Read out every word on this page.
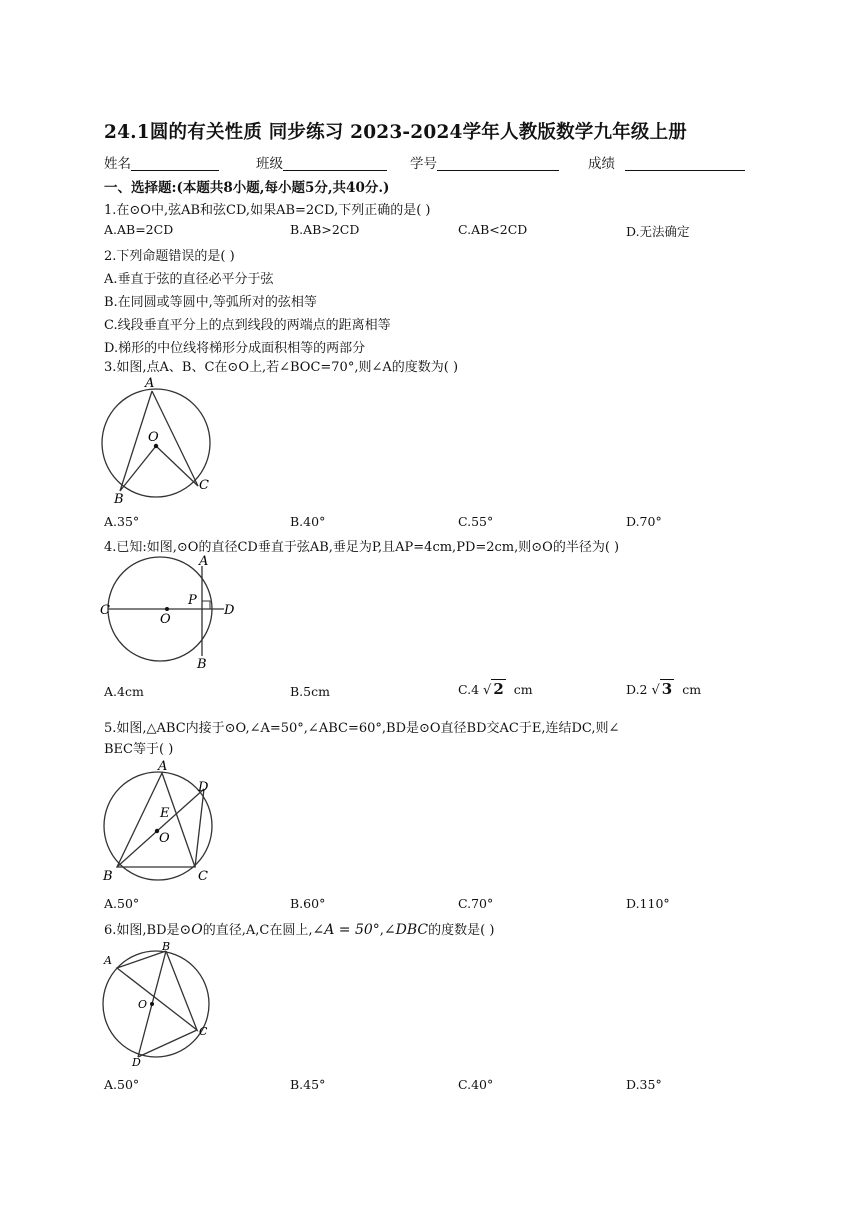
24.1圆的有关性质 同步练习 2023-2024学年人教版数学九年级上册
姓名	班级	学号	成绩
一、选择题:(本题共8小题,每小题5分,共40分.)
1.在⊙O中,弦AB和弦CD,如果AB=2CD,下列正确的是( )
A.AB=2CD	B.AB>2CD	C.AB<2CD	D.无法确定
2.下列命题错误的是( )
A.垂直于弦的直径必平分于弦
B.在同圆或等圆中,等弧所对的弦相等
C.线段垂直平分上的点到线段的两端点的距离相等
D.梯形的中位线将梯形分成面积相等的两部分
3.如图,点A、B、C在⊙O上,若∠BOC=70°,则∠A的度数为( )
A
O
B
C
A.35°	B.40°	C.55°	D.70°
4.已知:如图,⊙O的直径CD垂直于弦AB,垂足为P,且AP=4cm,PD=2cm,则⊙O的半径为( )
A
C
P
D
O
B
A.4cm	B.5cm	C.4 √ 2 cm	D.2 √ 3 cm
5.如图,△ABC内接于⊙O,∠A=50°,∠ABC=60°,BD是⊙O直径BD交AC于E,连结DC,则∠
BEC等于( )
A
D
E
O
B	C
A.50°	B.60°	C.70°	D.110°
6.如图,BD是⊙O的直径,A,C在圆上,∠A = 50°,∠DBC的度数是( )
B
A
O
C
D
A.50°	B.45°	C.40°	D.35°
